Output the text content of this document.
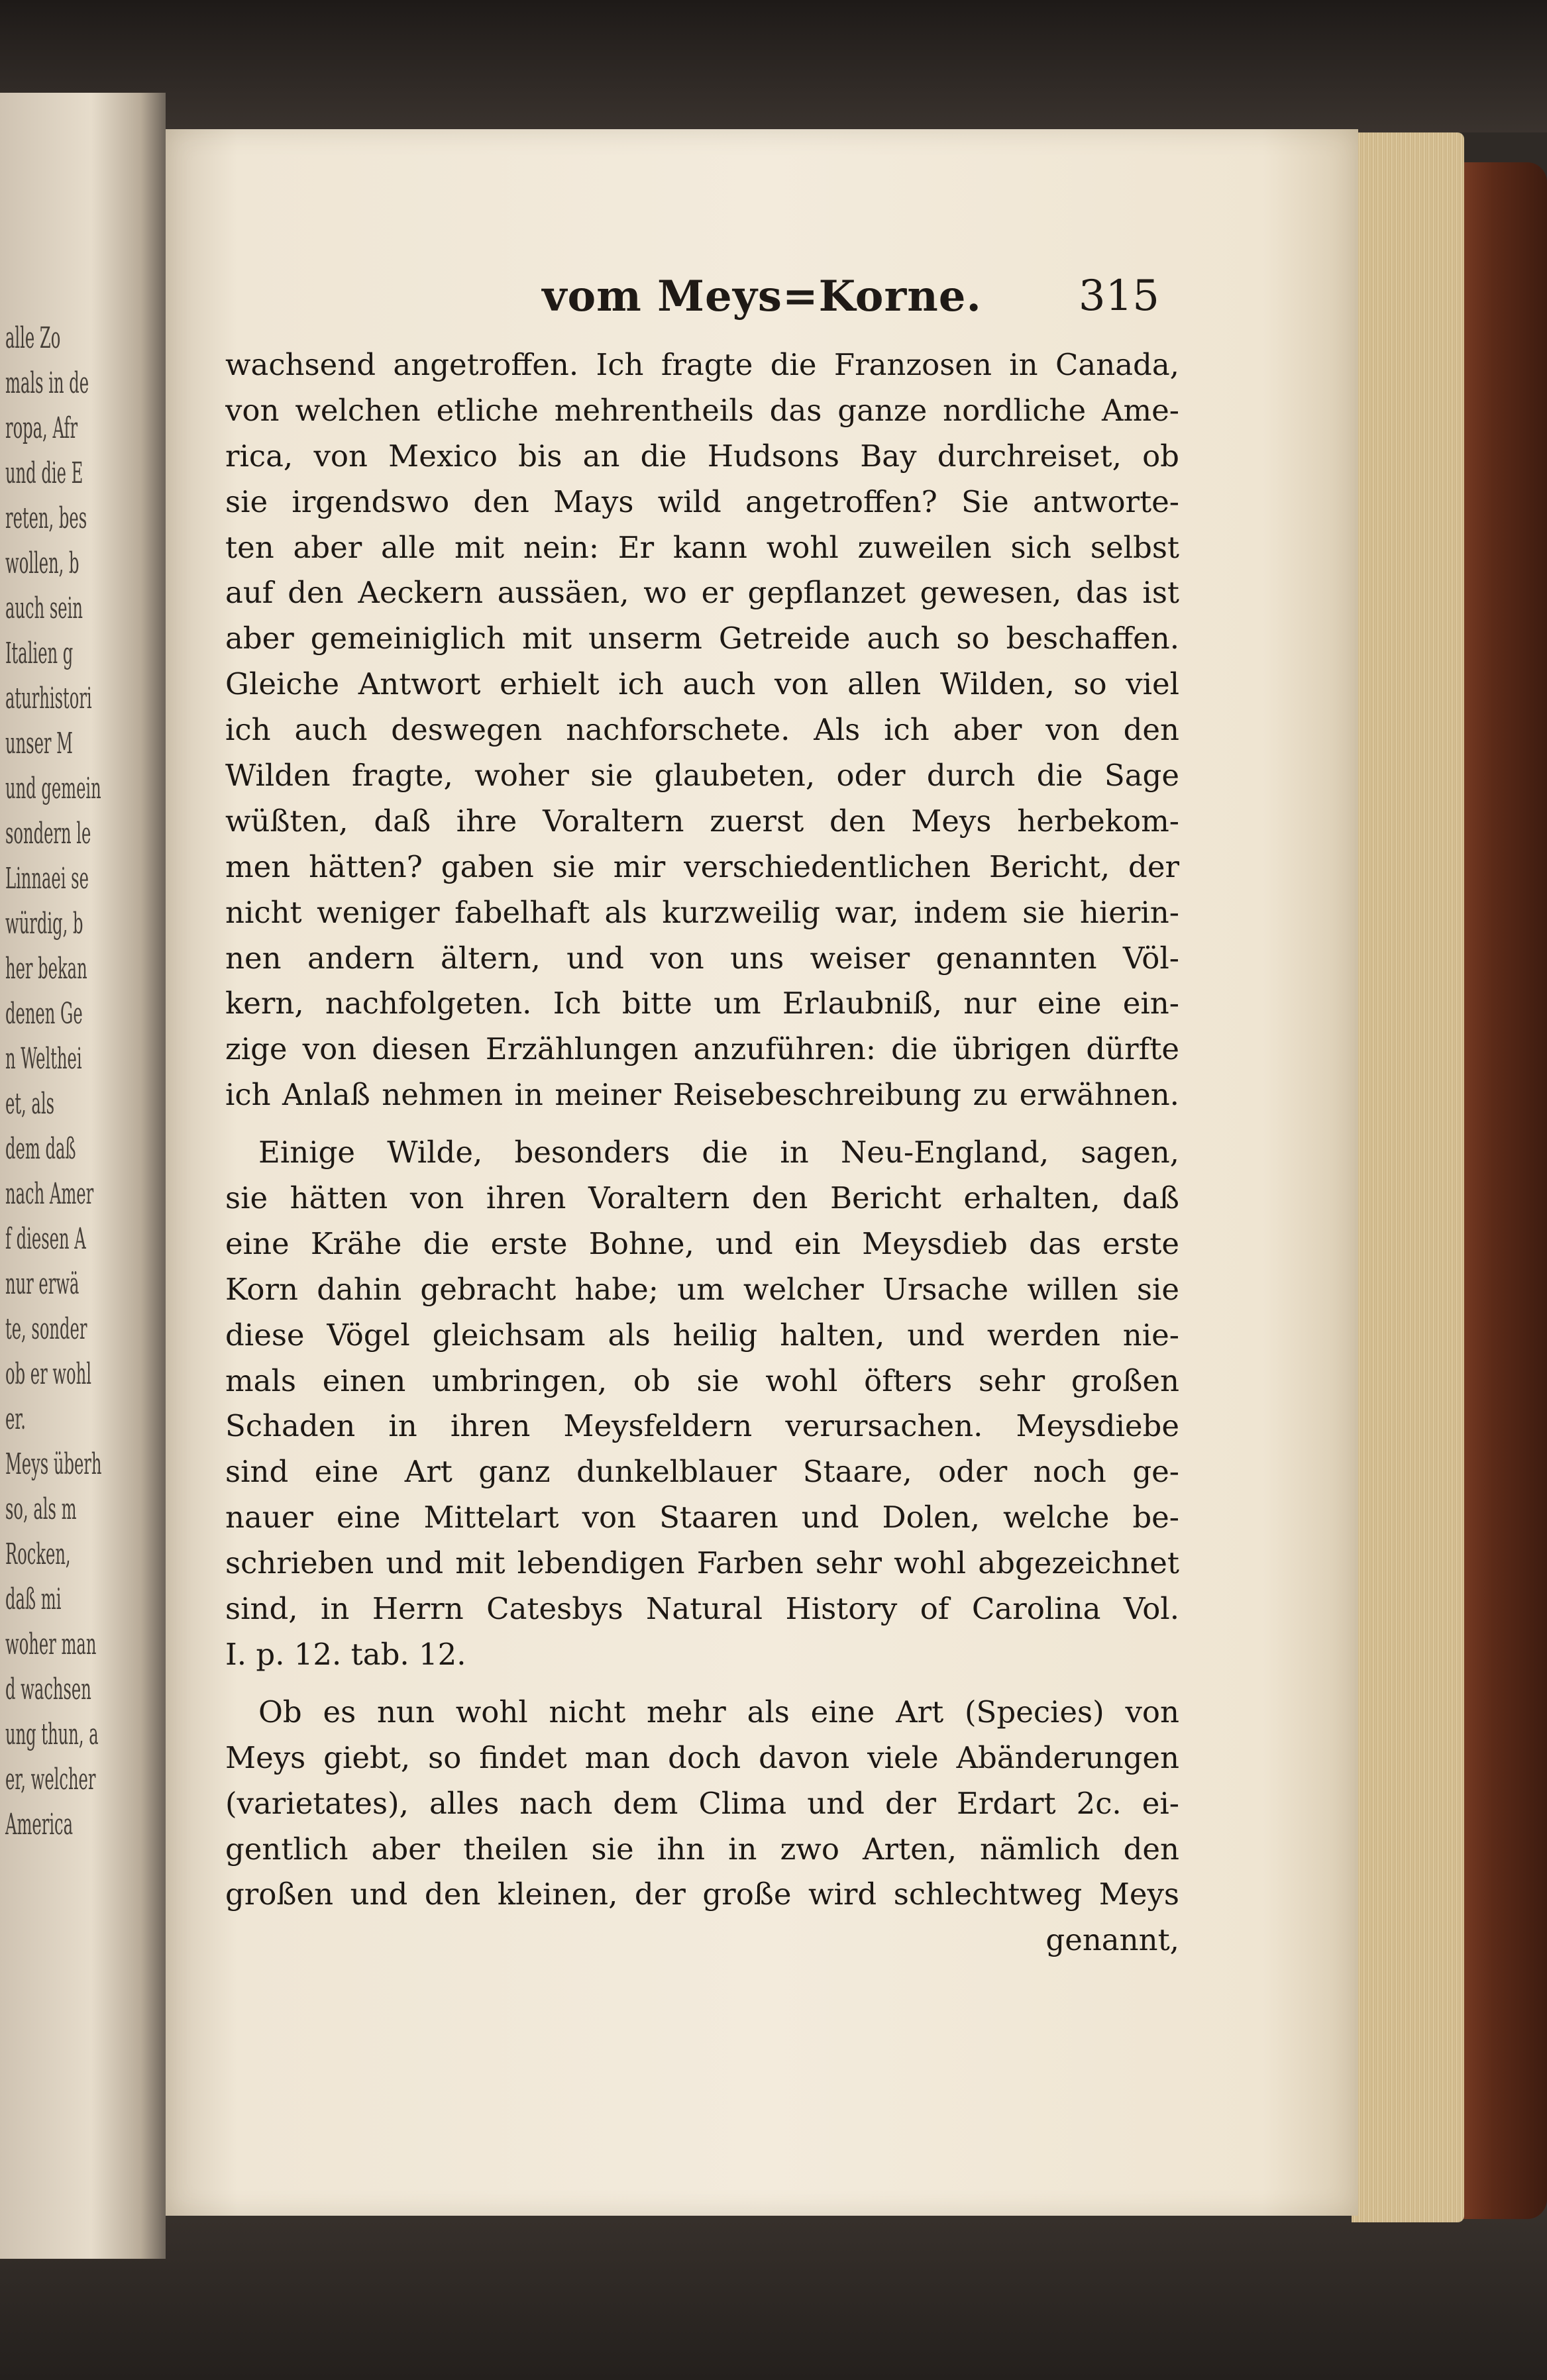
alle Zo
mals in de
ropa, Afr
und die E
reten, bes
wollen, b
auch sein
Italien g
aturhistori
unser M
und gemein
sondern le
Linnaei se
würdig, b
her bekan
denen Ge
n Welthei
et, als
dem daß
nach Amer
f diesen A
nur erwä
te, sonder
ob er wohl
er.
Meys überh
so, als m
Rocken,
daß mi
woher man
d wachsen
ung thun, a
er, welcher
America
vom Meys=Korne.	315
wachsend angetroffen. Ich fragte die Franzosen in Canada,
von welchen etliche mehrentheils das ganze nordliche Ame-
rica, von Mexico bis an die Hudsons Bay durchreiset, ob
sie irgendswo den Mays wild angetroffen? Sie antworte-
ten aber alle mit nein: Er kann wohl zuweilen sich selbst
auf den Aeckern aussäen, wo er gepflanzet gewesen, das ist
aber gemeiniglich mit unserm Getreide auch so beschaffen.
Gleiche Antwort erhielt ich auch von allen Wilden, so viel
ich auch deswegen nachforschete. Als ich aber von den
Wilden fragte, woher sie glaubeten, oder durch die Sage
wüßten, daß ihre Voraltern zuerst den Meys herbekom-
men hätten? gaben sie mir verschiedentlichen Bericht, der
nicht weniger fabelhaft als kurzweilig war, indem sie hierin-
nen andern ältern, und von uns weiser genannten Völ-
kern, nachfolgeten. Ich bitte um Erlaubniß, nur eine ein-
zige von diesen Erzählungen anzuführen: die übrigen dürfte
ich Anlaß nehmen in meiner Reisebeschreibung zu erwähnen.
Einige Wilde, besonders die in Neu-England, sagen,
sie hätten von ihren Voraltern den Bericht erhalten, daß
eine Krähe die erste Bohne, und ein Meysdieb das erste
Korn dahin gebracht habe; um welcher Ursache willen sie
diese Vögel gleichsam als heilig halten, und werden nie-
mals einen umbringen, ob sie wohl öfters sehr großen
Schaden in ihren Meysfeldern verursachen. Meysdiebe
sind eine Art ganz dunkelblauer Staare, oder noch ge-
nauer eine Mittelart von Staaren und Dolen, welche be-
schrieben und mit lebendigen Farben sehr wohl abgezeichnet
sind, in Herrn Catesbys Natural History of Carolina Vol.
I. p. 12. tab. 12.
Ob es nun wohl nicht mehr als eine Art (Species) von
Meys giebt, so findet man doch davon viele Abänderungen
(varietates), alles nach dem Clima und der Erdart 2c. ei-
gentlich aber theilen sie ihn in zwo Arten, nämlich den
großen und den kleinen, der große wird schlechtweg Meys
genannt,
